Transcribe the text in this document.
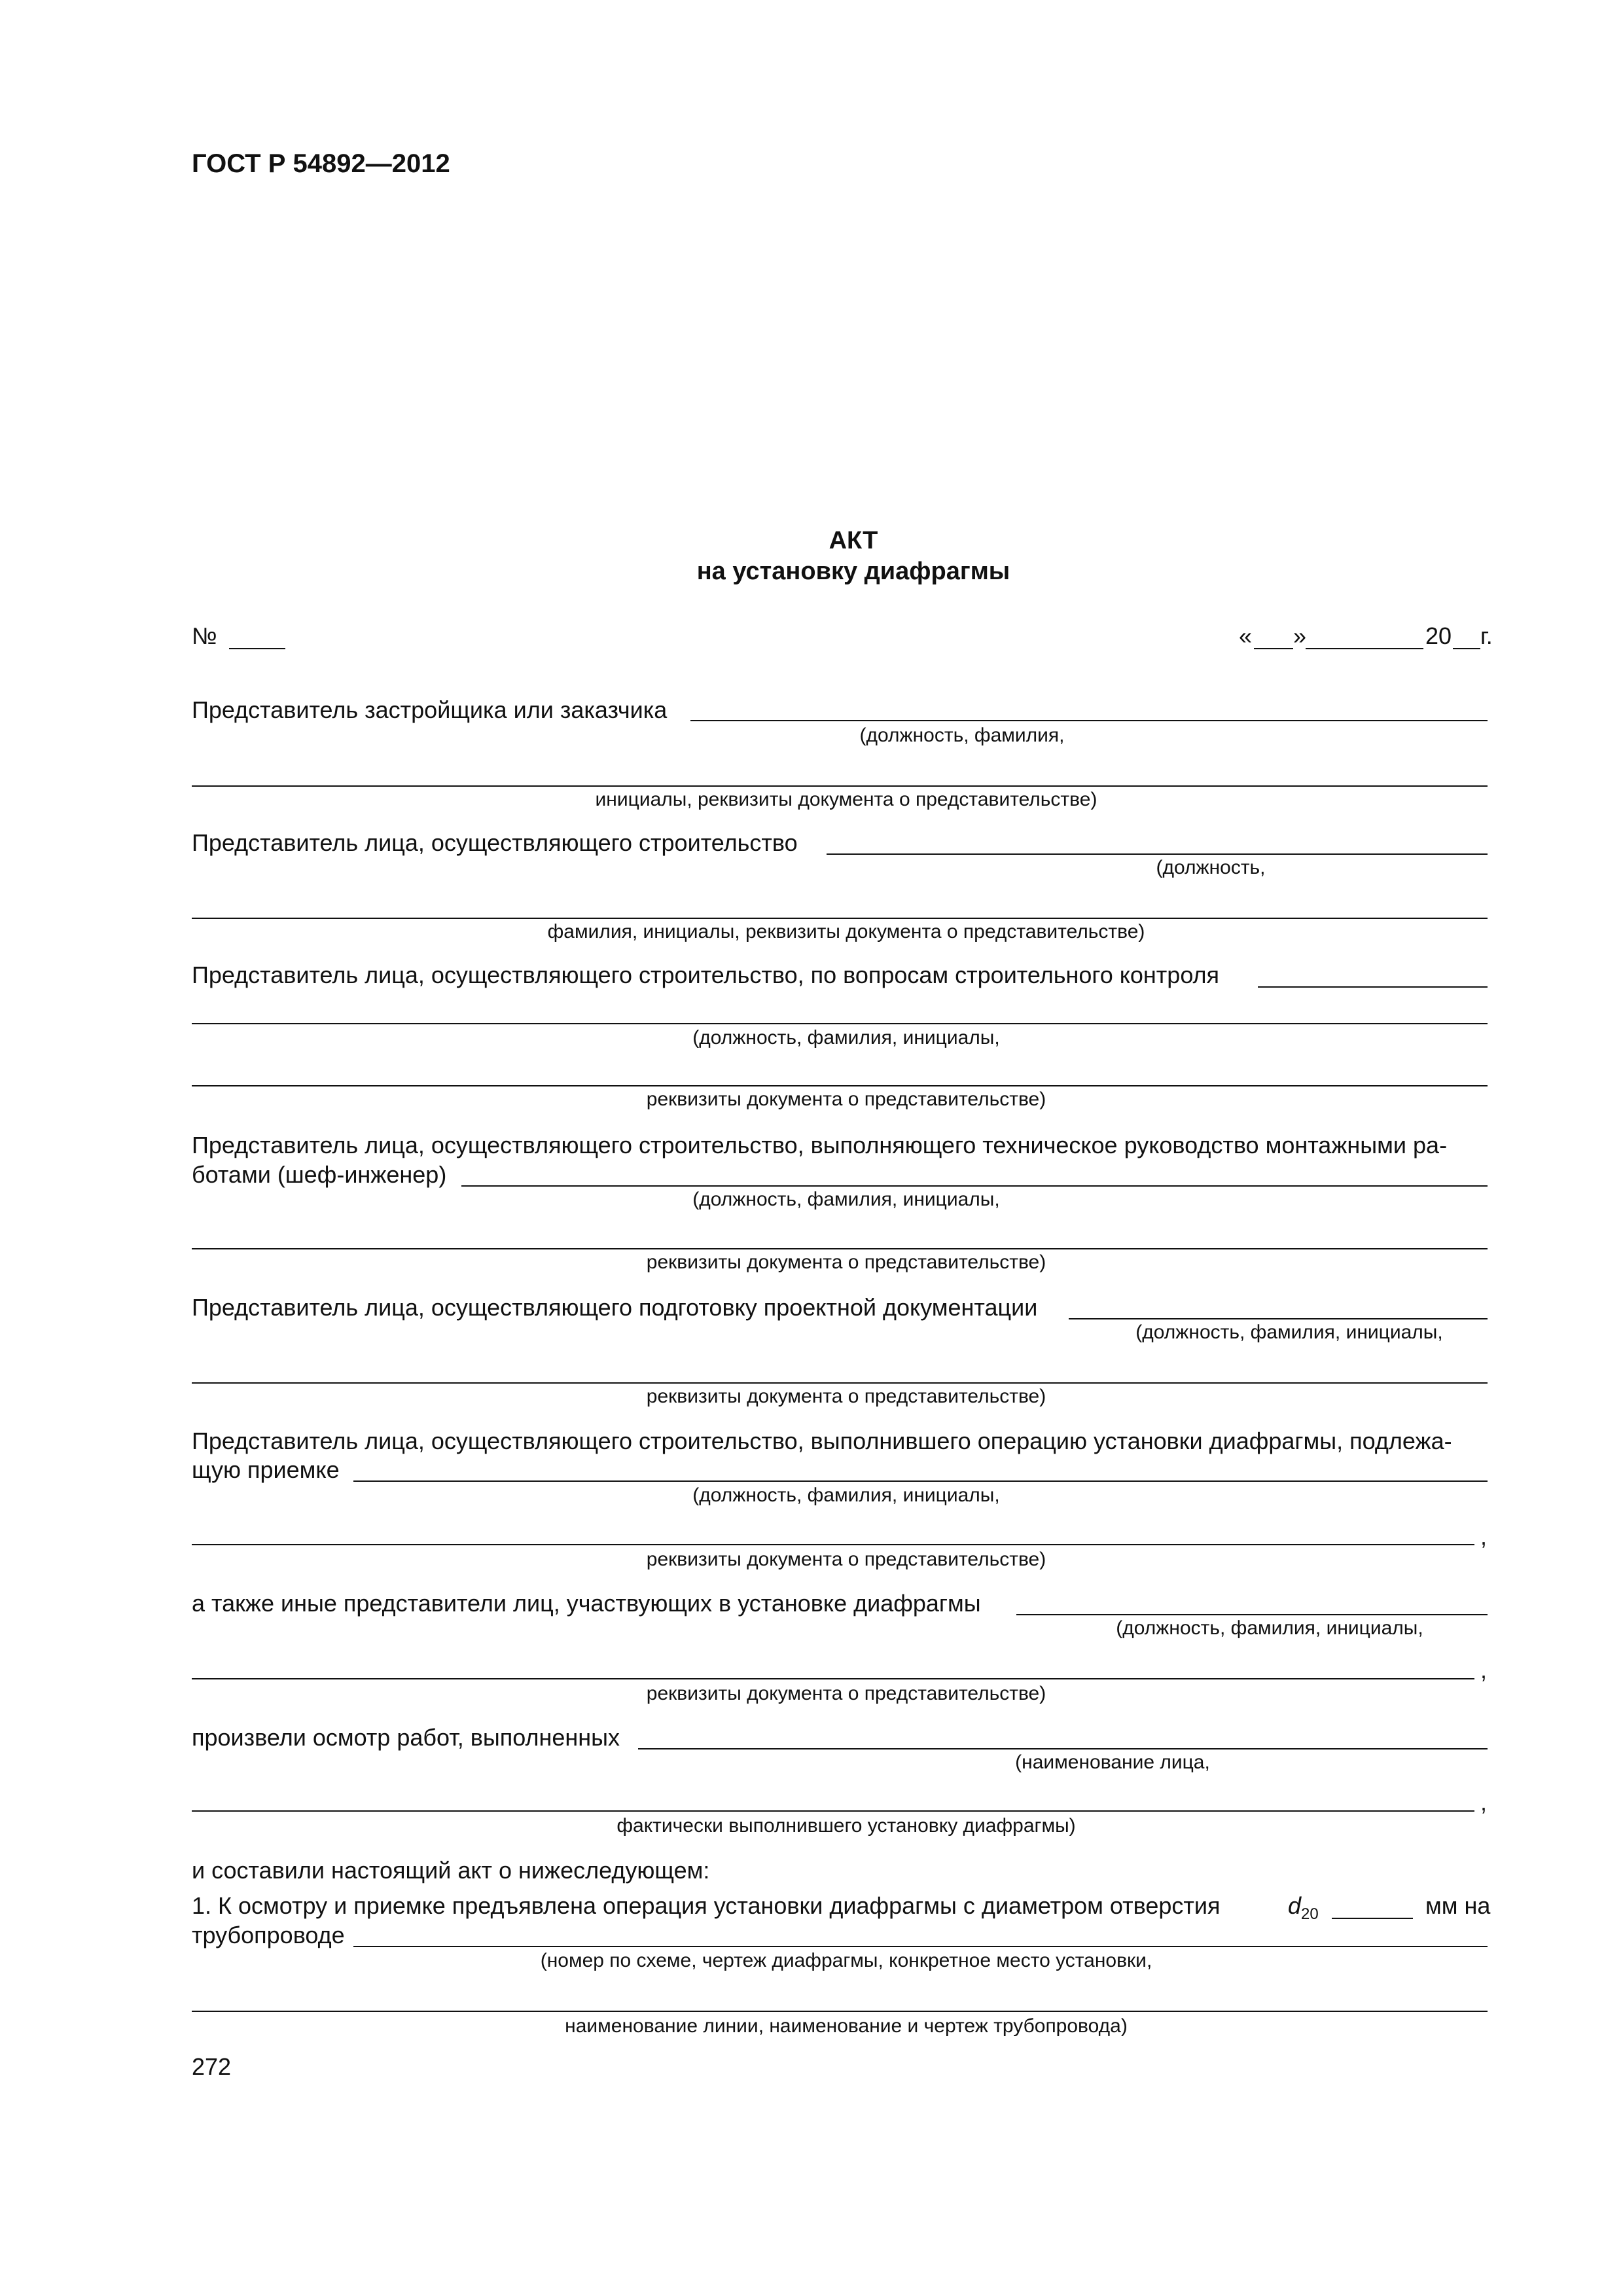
ГОСТ Р 54892—2012
АКТ
на установку диафрагмы
№	« »	20 г.
Представитель застройщика или заказчика
(должность, фамилия,
инициалы, реквизиты документа о представительстве)
Представитель лица, осуществляющего строительство
(должность,
фамилия, инициалы, реквизиты документа о представительстве)
Представитель лица, осуществляющего строительство, по вопросам строительного контроля
(должность, фамилия, инициалы,
реквизиты документа о представительстве)
Представитель лица, осуществляющего строительство, выполняющего техническое руководство монтажными ра-
ботами (шеф-инженер)
(должность, фамилия, инициалы,
реквизиты документа о представительстве)
Представитель лица, осуществляющего подготовку проектной документации
(должность, фамилия, инициалы,
реквизиты документа о представительстве)
Представитель лица, осуществляющего строительство, выполнившего операцию установки диафрагмы, подлежа-
щую приемке
(должность, фамилия, инициалы,
,
реквизиты документа о представительстве)
а также иные представители лиц, участвующих в установке диафрагмы
(должность, фамилия, инициалы,
,
реквизиты документа о представительстве)
произвели осмотр работ, выполненных
(наименование лица,
,
фактически выполнившего установку диафрагмы)
и составили настоящий акт о нижеследующем:
1. К осмотру и приемке предъявлена операция установки диафрагмы с диаметром отверстия	$d_{20}$	мм на
трубопроводе
(номер по схеме, чертеж диафрагмы, конкретное место установки,
наименование линии, наименование и чертеж трубопровода)
272
